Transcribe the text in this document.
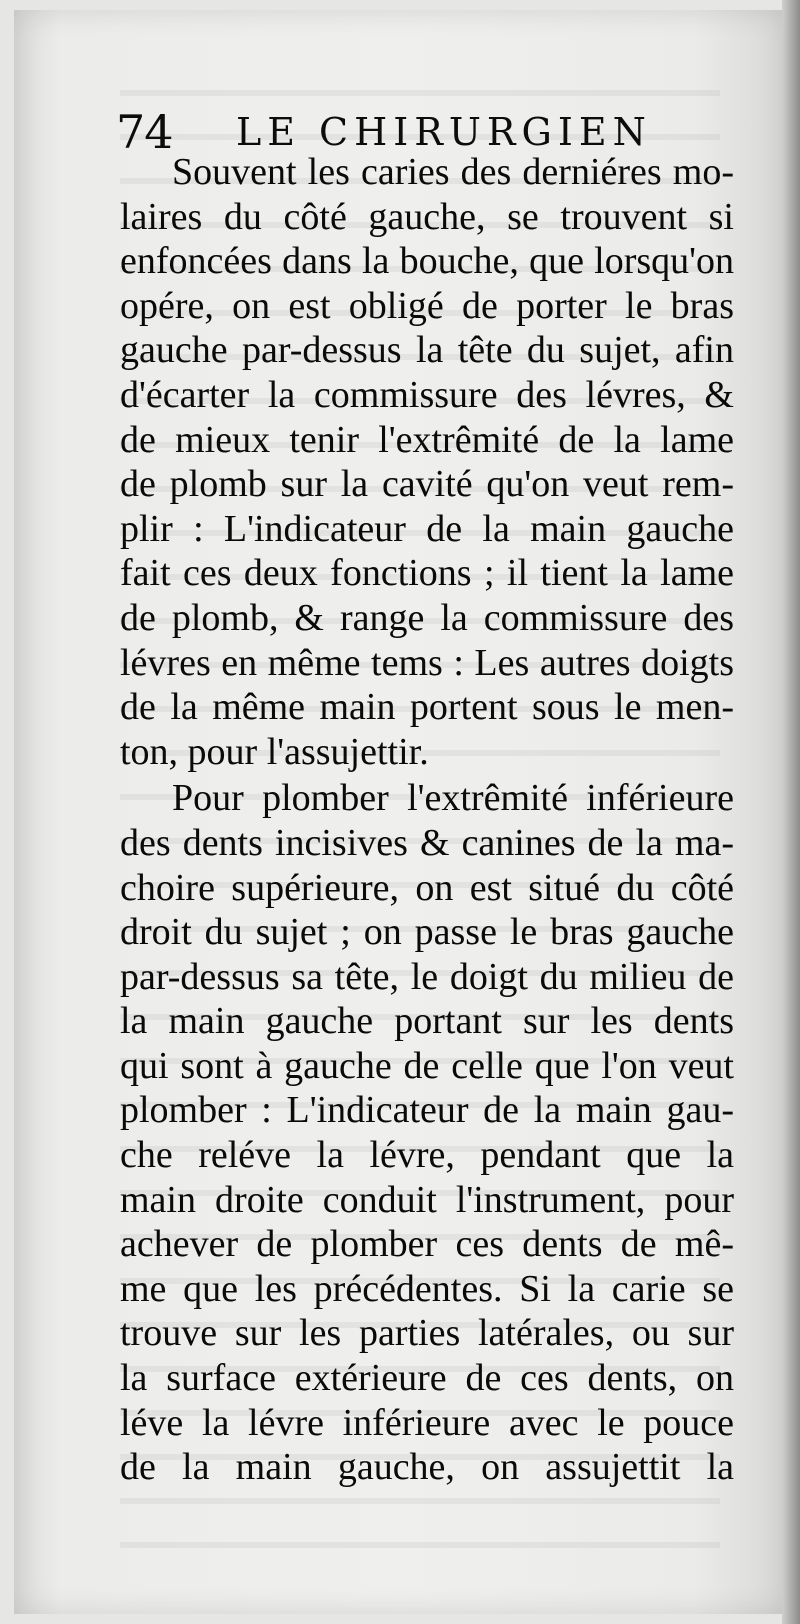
74 LE CHIRURGIEN
Souvent les caries des derniéres mo-
laires du côté gauche, se trouvent si
enfoncées dans la bouche, que lorsqu'on
opére, on est obligé de porter le bras
gauche par-dessus la tête du sujet, afin
d'écarter la commissure des lévres, &
de mieux tenir l'extrêmité de la lame
de plomb sur la cavité qu'on veut rem-
plir : L'indicateur de la main gauche
fait ces deux fonctions ; il tient la lame
de plomb, & range la commissure des
lévres en même tems : Les autres doigts
de la même main portent sous le men-
ton, pour l'assujettir.
Pour plomber l'extrêmité inférieure
des dents incisives & canines de la ma-
choire supérieure, on est situé du côté
droit du sujet ; on passe le bras gauche
par-dessus sa tête, le doigt du milieu de
la main gauche portant sur les dents
qui sont à gauche de celle que l'on veut
plomber : L'indicateur de la main gau-
che reléve la lévre, pendant que la
main droite conduit l'instrument, pour
achever de plomber ces dents de mê-
me que les précédentes. Si la carie se
trouve sur les parties latérales, ou sur
la surface extérieure de ces dents, on
léve la lévre inférieure avec le pouce
de la main gauche, on assujettit la
